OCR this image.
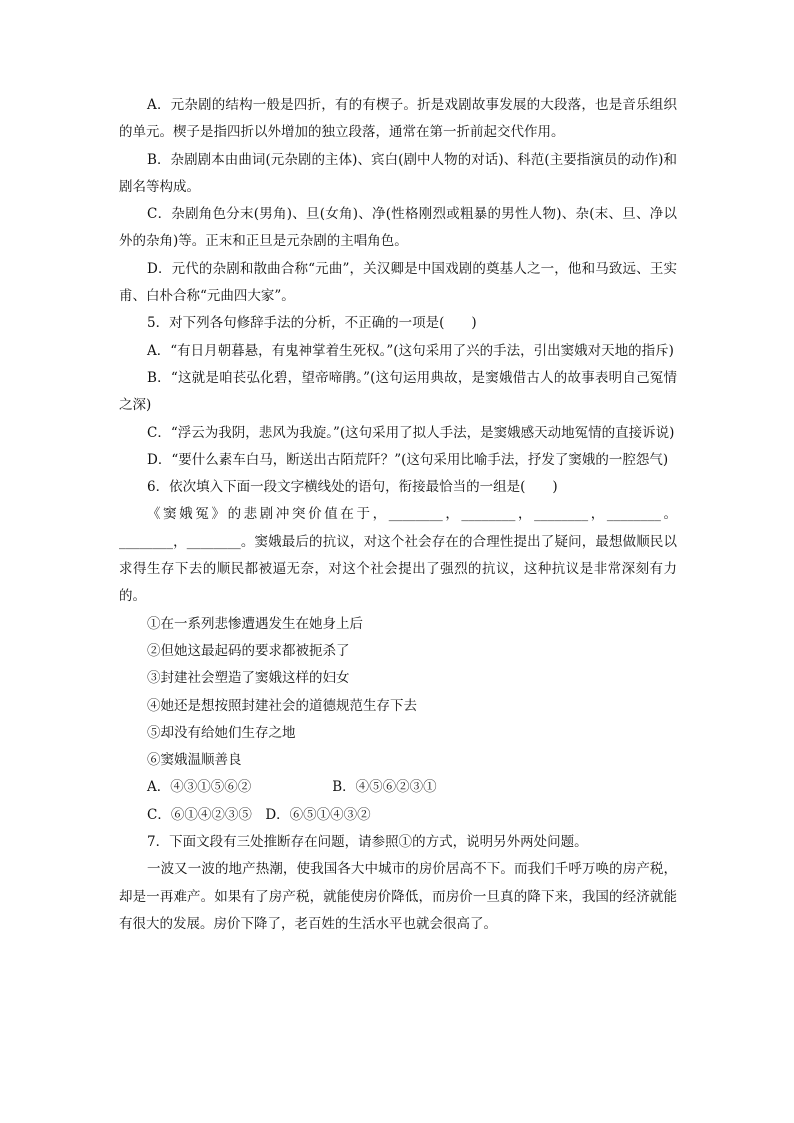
A．元杂剧的结构一般是四折，有的有楔子。折是戏剧故事发展的大段落，也是音乐组织的单元。楔子是指四折以外增加的独立段落，通常在第一折前起交代作用。

B．杂剧剧本由曲词(元杂剧的主体)、宾白(剧中人物的对话)、科范(主要指演员的动作)和剧名等构成。

C．杂剧角色分末(男角)、旦(女角)、净(性格刚烈或粗暴的男性人物)、杂(末、旦、净以外的杂角)等。正末和正旦是元杂剧的主唱角色。

D．元代的杂剧和散曲合称“元曲”，关汉卿是中国戏剧的奠基人之一，他和马致远、王实甫、白朴合称“元曲四大家”。

5．对下列各句修辞手法的分析，不正确的一项是(　　)

A．“有日月朝暮悬，有鬼神掌着生死权。”(这句采用了兴的手法，引出窦娥对天地的指斥)

B．“这就是咱苌弘化碧，望帝啼鹃。”(这句运用典故，是窦娥借古人的故事表明自己冤情之深)

C．“浮云为我阴，悲风为我旋。”(这句采用了拟人手法，是窦娥感天动地冤情的直接诉说)

D．“要什么素车白马，断送出古陌荒阡？”(这句采用比喻手法，抒发了窦娥的一腔怨气)

6．依次填入下面一段文字横线处的语句，衔接最恰当的一组是(　　)

《窦娥冤》的悲剧冲突价值在于，________，________，________，________。________，________。窦娥最后的抗议，对这个社会存在的合理性提出了疑问，最想做顺民以求得生存下去的顺民都被逼无奈，对这个社会提出了强烈的抗议，这种抗议是非常深刻有力的。

①在一系列悲惨遭遇发生在她身上后

②但她这最起码的要求都被扼杀了

③封建社会塑造了窦娥这样的妇女

④她还是想按照封建社会的道德规范生存下去

⑤却没有给她们生存之地

⑥窦娥温顺善良

A．④③①⑤⑥②　　　　　　B．④⑤⑥②③①

C．⑥①④②③⑤　D．⑥⑤①④③②

7．下面文段有三处推断存在问题，请参照①的方式，说明另外两处问题。

一波又一波的地产热潮，使我国各大中城市的房价居高不下。而我们千呼万唤的房产税，却是一再难产。如果有了房产税，就能使房价降低，而房价一旦真的降下来，我国的经济就能有很大的发展。房价下降了，老百姓的生活水平也就会很高了。
